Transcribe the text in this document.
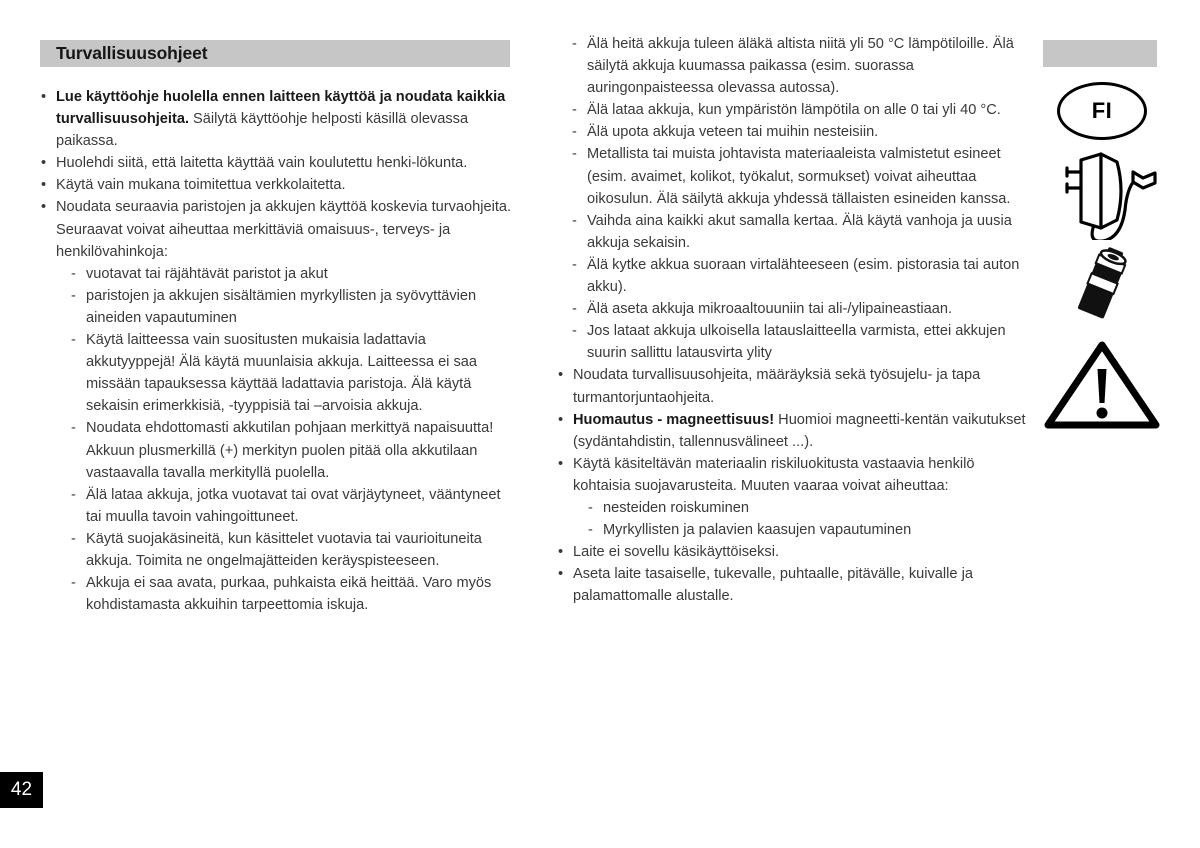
Turvallisuusohjeet
• Lue käyttöohje huolella ennen laitteen käyttöä ja noudata kaikkia turvallisuusohjeita. Säilytä käyttöohje helposti käsillä olevassa paikassa.
• Huolehdi siitä, että laitetta käyttää vain koulutettu henki-lökunta.
• Käytä vain mukana toimitettua verkkolaitetta.
• Noudata seuraavia paristojen ja akkujen käyttöä koskevia turvaohjeita. Seuraavat voivat aiheuttaa merkittäviä omaisuus-, terveys- ja henkilövahinkoja:
- vuotavat tai räjähtävät paristot ja akut
- paristojen ja akkujen sisältämien myrkyllisten ja syövyttävien aineiden vapautuminen
- Käytä laitteessa vain suositusten mukaisia ladattavia akkutyyppejä! Älä käytä muunlaisia akkuja. Laitteessa ei saa missään tapauksessa käyttää ladattavia paristoja. Älä käytä sekaisin erimerkkisiä, -tyyppisiä tai –arvoisia akkuja.
- Noudata ehdottomasti akkutilan pohjaan merkittyä napaisuutta! Akkuun plusmerkillä (+) merkityn puolen pitää olla akkutilaan vastaavalla tavalla merkityllä puolella.
- Älä lataa akkuja, jotka vuotavat tai ovat värjäytyneet, vääntyneet tai muulla tavoin vahingoittuneet.
- Käytä suojakäsineitä, kun käsittelet vuotavia tai vaurioituneita akkuja. Toimita ne ongelmajätteiden keräyspisteeseen.
- Akkuja ei saa avata, purkaa, puhkaista eikä heittää. Varo myös kohdistamasta akkuihin tarpeettomia iskuja.
- Älä heitä akkuja tuleen äläkä altista niitä yli 50 °C lämpötiloille. Älä säilytä akkuja kuumassa paikassa (esim. suorassa auringonpaisteessa olevassa autossa).
- Älä lataa akkuja, kun ympäristön lämpötila on alle 0 tai yli 40 °C.
- Älä upota akkuja veteen tai muihin nesteisiin.
- Metallista tai muista johtavista materiaaleista valmistetut esineet (esim. avaimet, kolikot, työkalut, sormukset) voivat aiheuttaa oikosulun. Älä säilytä akkuja yhdessä tällaisten esineiden kanssa.
- Vaihda aina kaikki akut samalla kertaa. Älä käytä vanhoja ja uusia akkuja sekaisin.
- Älä kytke akkua suoraan virtalähteeseen (esim. pistorasia tai auton akku).
- Älä aseta akkuja mikroaaltouuniin tai ali-/ylipaineastiaan.
- Jos lataat akkuja ulkoisella latauslaitteella varmista, ettei akkujen suurin sallittu latausvirta ylity
• Noudata turvallisuusohjeita, määräyksiä sekä työsujelu- ja tapa turmantorjuntaohjeita.
• Huomautus - magneettisuus! Huomioi magneetti-kentän vaikutukset (sydäntahdistin, tallennusvälineet ...).
• Käytä käsiteltävän materiaalin riskiluokitusta vastaavia henkilö kohtaisia suojavarusteita. Muuten vaaraa voivat aiheuttaa:
- nesteiden roiskuminen
- Myrkyllisten ja palavien kaasujen vapautuminen
• Laite ei sovellu käsikäyttöiseksi.
• Aseta laite tasaiselle, tukevalle, puhtaalle, pitävälle, kuivalle ja palamattomalle alustalle.
FI
42
